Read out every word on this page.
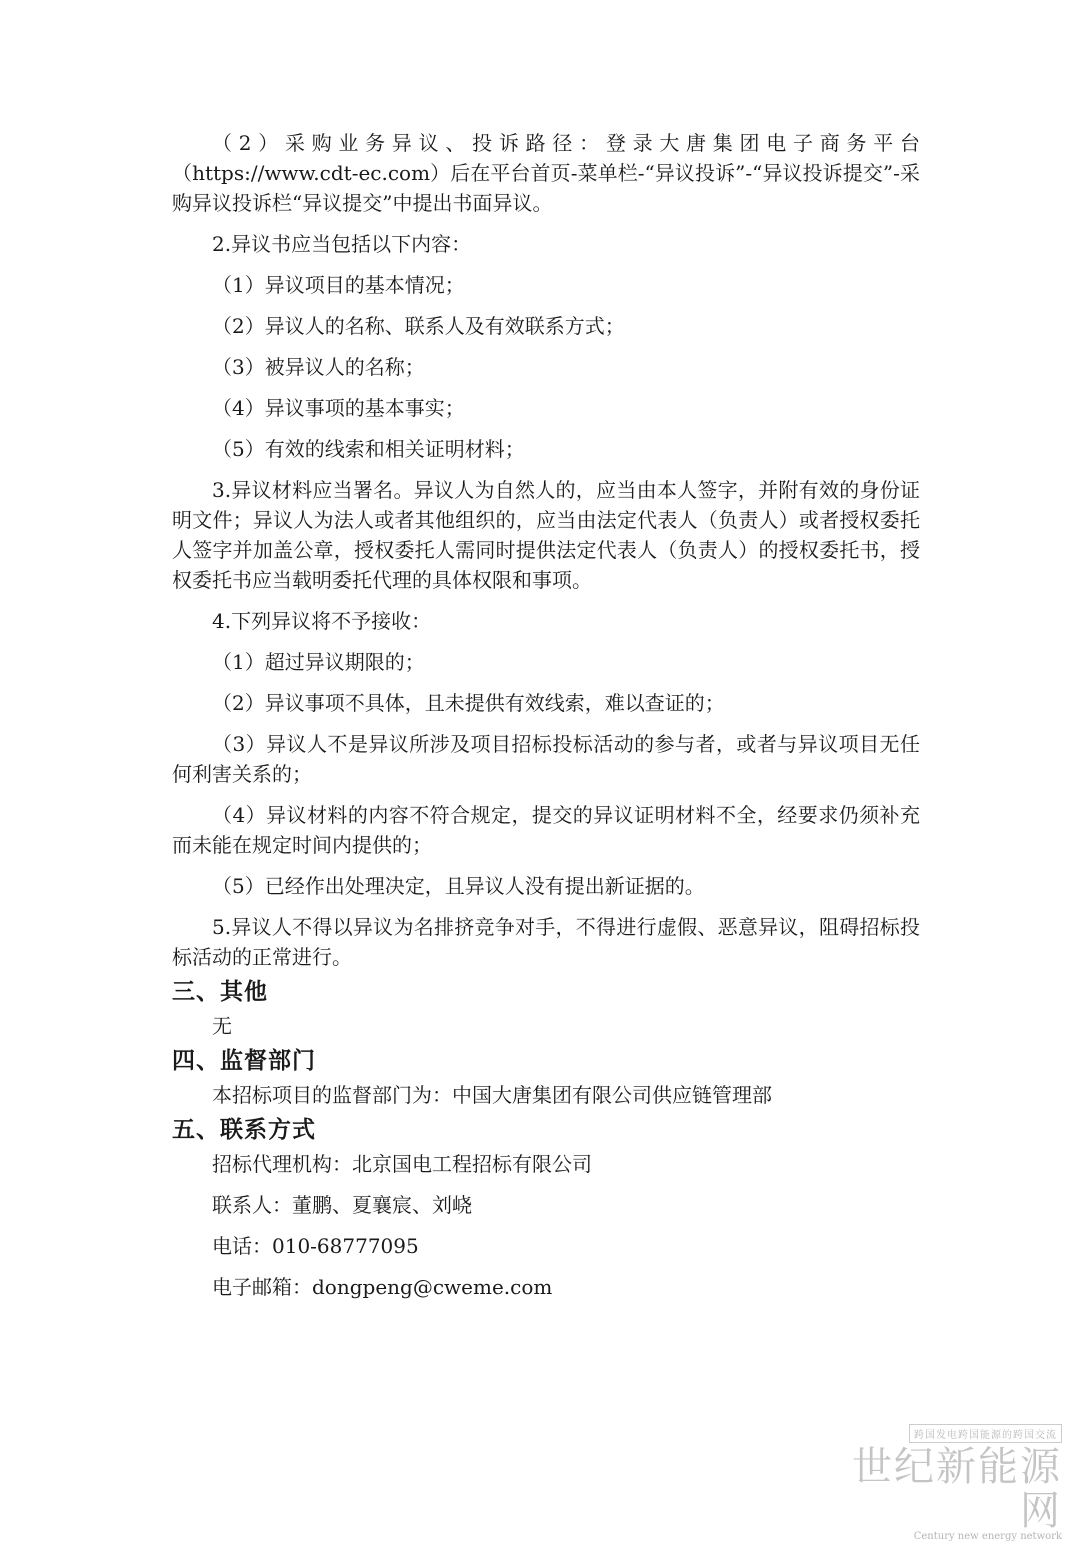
（2）采购业务异议、投诉路径：登录大唐集团电子商务平台（https://www.cdt-ec.com）后在平台首页-菜单栏-“异议投诉”-“异议投诉提交”-采购异议投诉栏“异议提交”中提出书面异议。

2.异议书应当包括以下内容：

（1）异议项目的基本情况；

（2）异议人的名称、联系人及有效联系方式；

（3）被异议人的名称；

（4）异议事项的基本事实；

（5）有效的线索和相关证明材料；

3.异议材料应当署名。异议人为自然人的，应当由本人签字，并附有效的身份证明文件；异议人为法人或者其他组织的，应当由法定代表人（负责人）或者授权委托人签字并加盖公章，授权委托人需同时提供法定代表人（负责人）的授权委托书，授权委托书应当载明委托代理的具体权限和事项。

4.下列异议将不予接收：

（1）超过异议期限的；

（2）异议事项不具体，且未提供有效线索，难以查证的；

（3）异议人不是异议所涉及项目招标投标活动的参与者，或者与异议项目无任何利害关系的；

（4）异议材料的内容不符合规定，提交的异议证明材料不全，经要求仍须补充而未能在规定时间内提供的；

（5）已经作出处理决定，且异议人没有提出新证据的。

5.异议人不得以异议为名排挤竞争对手，不得进行虚假、恶意异议，阻碍招标投标活动的正常进行。

三、其他

无

四、监督部门

本招标项目的监督部门为：中国大唐集团有限公司供应链管理部

五、联系方式

招标代理机构：北京国电工程招标有限公司

联系人：董鹏、夏襄宸、刘峣

电话：010-68777095

电子邮箱：dongpeng@cweme.com

跨国发电跨国能源的跨国交流
世纪新能源网
Century new energy network
